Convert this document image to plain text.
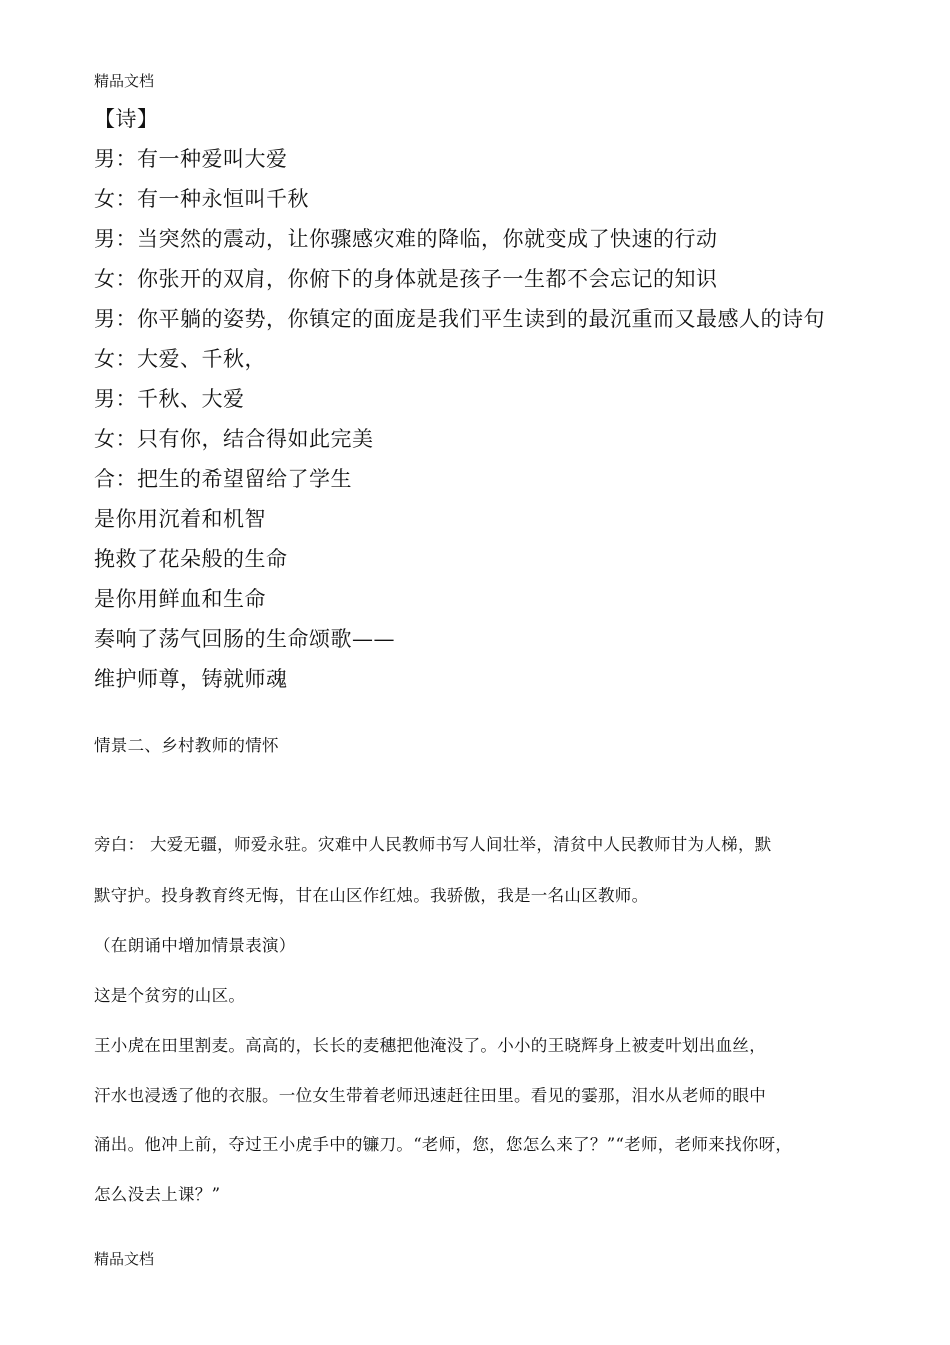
精品文档
【诗】
男：有一种爱叫大爱
女：有一种永恒叫千秋
男：当突然的震动，让你骤感灾难的降临，你就变成了快速的行动
女：你张开的双肩，你俯下的身体就是孩子一生都不会忘记的知识
男：你平躺的姿势，你镇定的面庞是我们平生读到的最沉重而又最感人的诗句
女：大爱、千秋，
男：千秋、大爱
女：只有你，结合得如此完美
合：把生的希望留给了学生
是你用沉着和机智
挽救了花朵般的生命
是你用鲜血和生命
奏响了荡气回肠的生命颂歌——
维护师尊，铸就师魂
情景二、乡村教师的情怀
旁白： 大爱无疆，师爱永驻。灾难中人民教师书写人间壮举，清贫中人民教师甘为人梯，默
默守护。投身教育终无悔，甘在山区作红烛。我骄傲，我是一名山区教师。
（在朗诵中增加情景表演）
这是个贫穷的山区。
王小虎在田里割麦。高高的，长长的麦穗把他淹没了。小小的王晓辉身上被麦叶划出血丝，
汗水也浸透了他的衣服。一位女生带着老师迅速赶往田里。看见的霎那，泪水从老师的眼中
涌出。他冲上前，夺过王小虎手中的镰刀。“老师，您，您怎么来了？”“老师，老师来找你呀，
怎么没去上课？”
精品文档
